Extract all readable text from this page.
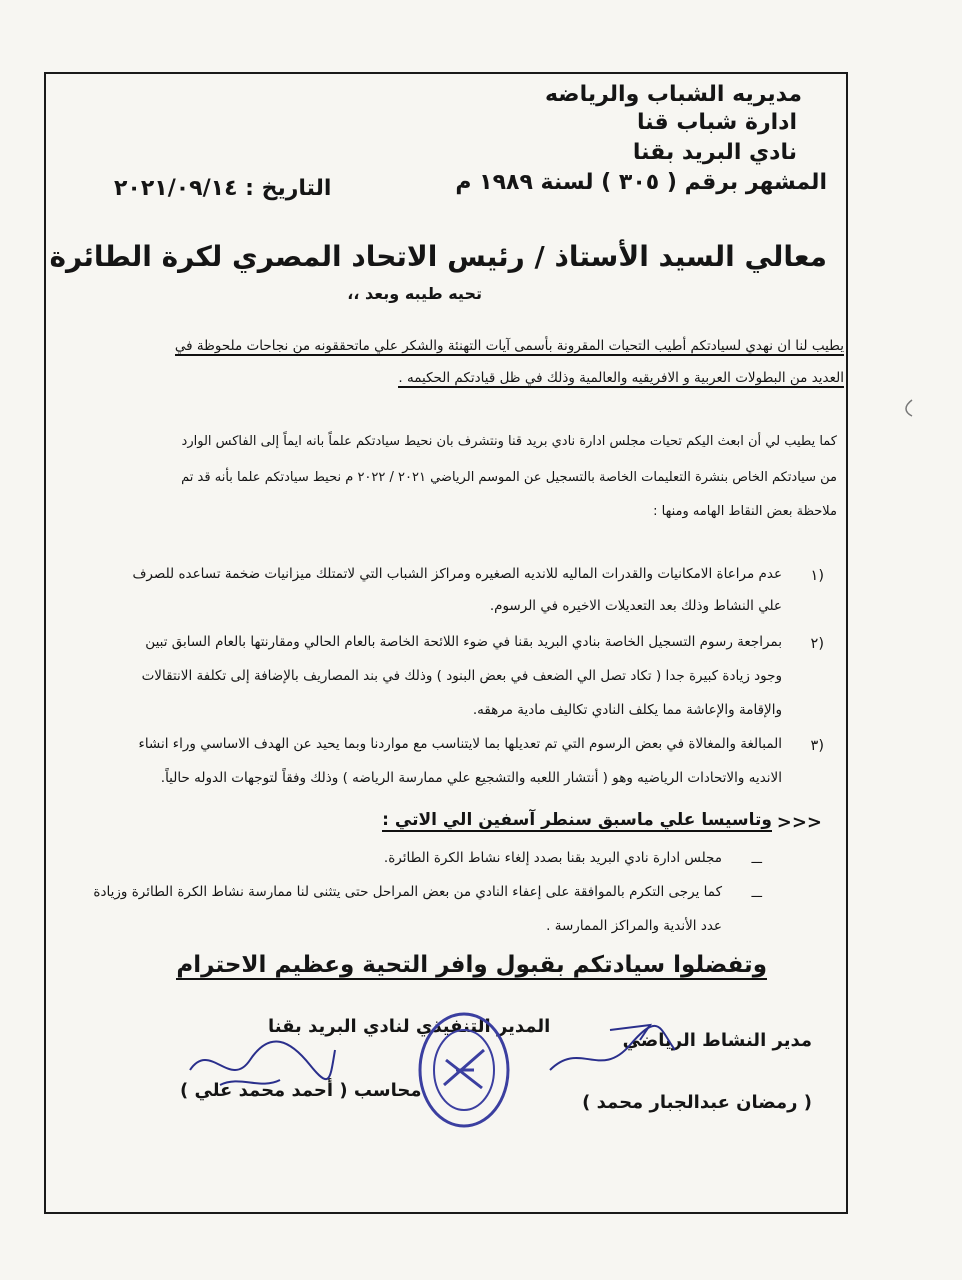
مديريه الشباب والرياضه
ادارة شباب قنا
نادي البريد بقنا
المشهر برقم ( ٣٠٥ ) لسنة ١٩٨٩ م
التاريخ : ٢٠٢١/٠٩/١٤
معالي السيد الأستاذ / رئيس الاتحاد المصري لكرة الطائرة
تحيه طيبه وبعد ،،
يطيب لنا ان نهدي لسيادتكم أطيب التحيات المقرونة بأسمى آيات التهنئة والشكر علي ماتحققونه من نجاحات ملحوظة في
العديد من البطولات العربية و الافريقيه والعالمية وذلك في ظل قيادتكم الحكيمه .
كما يطيب لي أن ابعث اليكم تحيات مجلس ادارة نادي بريد قنا ونتشرف بان نحيط سيادتكم علماً بانه ايماً إلى الفاكس الوارد
من سيادتكم الخاص بنشرة التعليمات الخاصة بالتسجيل عن الموسم الرياضي ٢٠٢١ / ٢٠٢٢ م نحيط سيادتكم علما بأنه قد تم
ملاحظة بعض النقاط الهامه ومنها :
١)
عدم مراعاة الامكانيات والقدرات الماليه للانديه الصغيره ومراكز الشباب التي لاتمتلك ميزانيات ضخمة تساعده للصرف
علي النشاط وذلك بعد التعديلات الاخيره في الرسوم.
٢)
بمراجعة رسوم التسجيل الخاصة بنادي البريد بقنا في ضوء اللائحة الخاصة بالعام الحالي ومقارنتها بالعام السابق تبين
وجود زيادة كبيرة جدا ( تكاد تصل الي الضعف في بعض البنود ) وذلك في بند المصاريف بالإضافة إلى تكلفة الانتقالات
والإقامة والإعاشة مما يكلف النادي تكاليف مادية مرهقه.
٣)
المبالغة والمغالاة في بعض الرسوم التي تم تعديلها بما لايتناسب مع مواردنا وبما يحيد عن الهدف الاساسي وراء انشاء
الانديه والاتحادات الرياضيه وهو ( أنتشار اللعبه والتشجيع علي ممارسة الرياضه ) وذلك وفقاً لتوجهات الدوله حالياً.
>>>
وتاسيسا علي ماسبق سنطر آسفين الي الاتي :
ـــ
مجلس ادارة نادي البريد بقنا بصدد إلغاء نشاط الكرة الطائرة.
ـــ
كما يرجى التكرم بالموافقة على إعفاء النادي من بعض المراحل حتى يتثنى لنا ممارسة نشاط الكرة الطائرة وزيادة
عدد الأندية والمراكز الممارسة .
وتفضلوا سيادتكم بقبول وافر التحية وعظيم الاحترام
المدير التنفيذي لنادي البريد بقنا
محاسب ( أحمد محمد علي )
مدير النشاط الرياضي
( رمضان عبدالجبار محمد )
